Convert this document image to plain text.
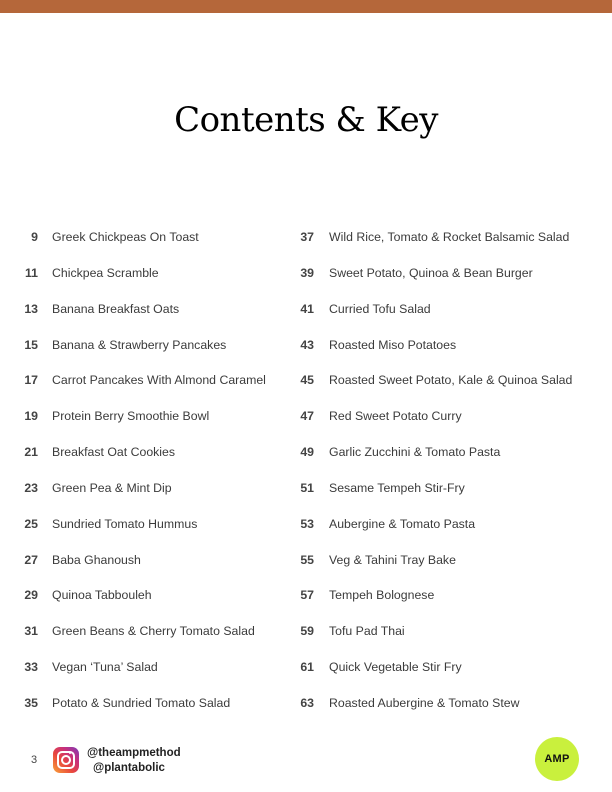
Contents & Key
9 Greek Chickpeas On Toast
11 Chickpea Scramble
13 Banana Breakfast Oats
15 Banana & Strawberry Pancakes
17 Carrot Pancakes With Almond Caramel
19 Protein Berry Smoothie Bowl
21 Breakfast Oat Cookies
23 Green Pea & Mint Dip
25 Sundried Tomato Hummus
27 Baba Ghanoush
29 Quinoa Tabbouleh
31 Green Beans & Cherry Tomato Salad
33 Vegan ‘Tuna’ Salad
35 Potato & Sundried Tomato Salad
37 Wild Rice, Tomato & Rocket Balsamic Salad
39 Sweet Potato, Quinoa & Bean Burger
41 Curried Tofu Salad
43 Roasted Miso Potatoes
45 Roasted Sweet Potato, Kale & Quinoa Salad
47 Red Sweet Potato Curry
49 Garlic Zucchini & Tomato Pasta
51 Sesame Tempeh Stir-Fry
53 Aubergine & Tomato Pasta
55 Veg & Tahini Tray Bake
57 Tempeh Bolognese
59 Tofu Pad Thai
61 Quick Vegetable Stir Fry
63 Roasted Aubergine & Tomato Stew
3
@theampmethod
@plantabolic
AMP
